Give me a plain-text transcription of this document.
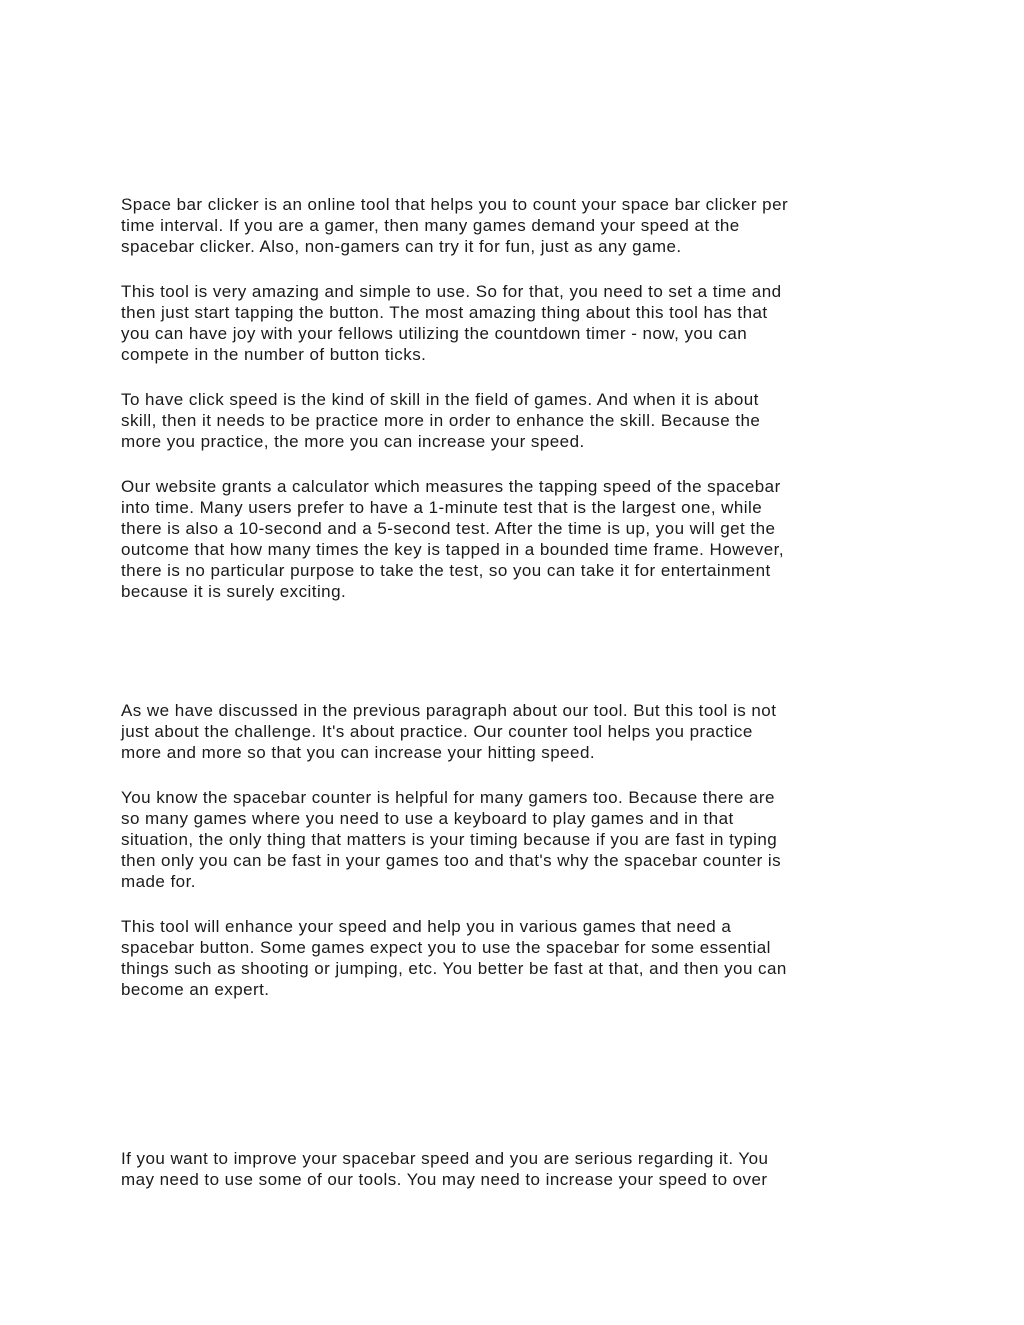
Space bar clicker is an online tool that helps you to count your space bar clicker per
time interval. If you are a gamer, then many games demand your speed at the
spacebar clicker. Also, non-gamers can try it for fun, just as any game.

This tool is very amazing and simple to use. So for that, you need to set a time and
then just start tapping the button. The most amazing thing about this tool has that
you can have joy with your fellows utilizing the countdown timer - now, you can
compete in the number of button ticks.

To have click speed is the kind of skill in the field of games. And when it is about
skill, then it needs to be practice more in order to enhance the skill. Because the
more you practice, the more you can increase your speed.

Our website grants a calculator which measures the tapping speed of the spacebar
into time. Many users prefer to have a 1-minute test that is the largest one, while
there is also a 10-second and a 5-second test. After the time is up, you will get the
outcome that how many times the key is tapped in a bounded time frame. However,
there is no particular purpose to take the test, so you can take it for entertainment
because it is surely exciting.

As we have discussed in the previous paragraph about our tool. But this tool is not
just about the challenge. It's about practice. Our counter tool helps you practice
more and more so that you can increase your hitting speed.

You know the spacebar counter is helpful for many gamers too. Because there are
so many games where you need to use a keyboard to play games and in that
situation, the only thing that matters is your timing because if you are fast in typing
then only you can be fast in your games too and that's why the spacebar counter is
made for.

This tool will enhance your speed and help you in various games that need a
spacebar button. Some games expect you to use the spacebar for some essential
things such as shooting or jumping, etc. You better be fast at that, and then you can
become an expert.

If you want to improve your spacebar speed and you are serious regarding it. You
may need to use some of our tools. You may need to increase your speed to over
